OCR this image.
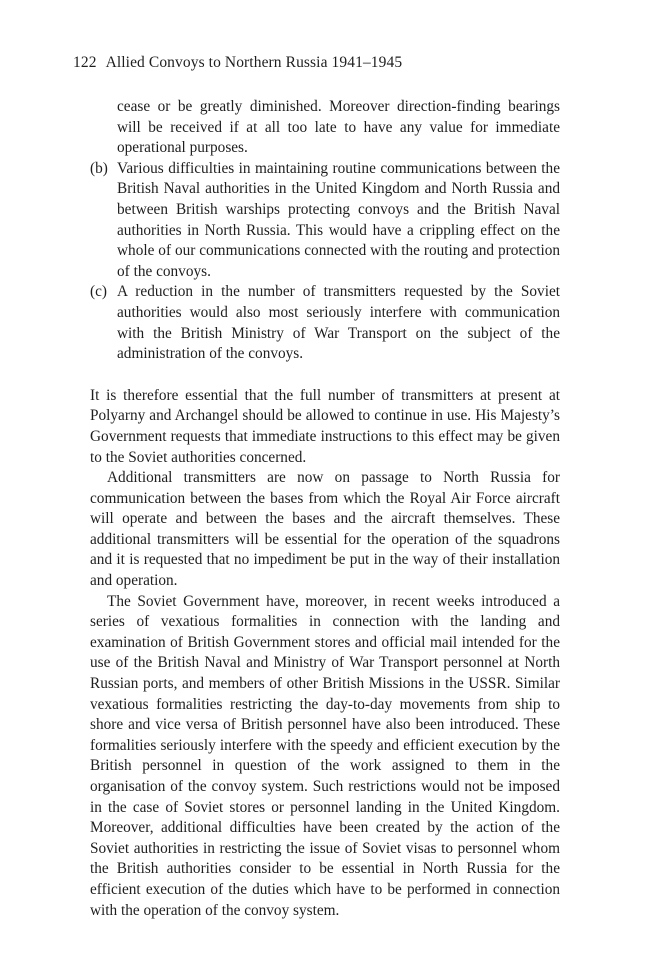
122 Allied Convoys to Northern Russia 1941–1945

cease or be greatly diminished. Moreover direction-finding bearings will be received if at all too late to have any value for immediate operational purposes.

(b) Various difficulties in maintaining routine communications between the British Naval authorities in the United Kingdom and North Russia and between British warships protecting convoys and the British Naval authorities in North Russia. This would have a crippling effect on the whole of our communications connected with the routing and protection of the convoys.
(c) A reduction in the number of transmitters requested by the Soviet authorities would also most seriously interfere with communication with the British Ministry of War Transport on the subject of the administration of the convoys.

It is therefore essential that the full number of transmitters at present at Polyarny and Archangel should be allowed to continue in use. His Majesty’s Government requests that immediate instructions to this effect may be given to the Soviet authorities concerned.

Additional transmitters are now on passage to North Russia for communication between the bases from which the Royal Air Force aircraft will operate and between the bases and the aircraft themselves. These additional transmitters will be essential for the operation of the squadrons and it is requested that no impediment be put in the way of their installation and operation.

The Soviet Government have, moreover, in recent weeks introduced a series of vexatious formalities in connection with the landing and examination of British Government stores and official mail intended for the use of the British Naval and Ministry of War Transport personnel at North Russian ports, and members of other British Missions in the USSR. Similar vexatious formalities restricting the day-to-day movements from ship to shore and vice versa of British personnel have also been introduced. These formalities seriously interfere with the speedy and efficient execution by the British personnel in question of the work assigned to them in the organisation of the convoy system. Such restrictions would not be imposed in the case of Soviet stores or personnel landing in the United Kingdom. Moreover, additional difficulties have been created by the action of the Soviet authorities in restricting the issue of Soviet visas to personnel whom the British authorities consider to be essential in North Russia for the efficient execution of the duties which have to be performed in connection with the operation of the convoy system.
